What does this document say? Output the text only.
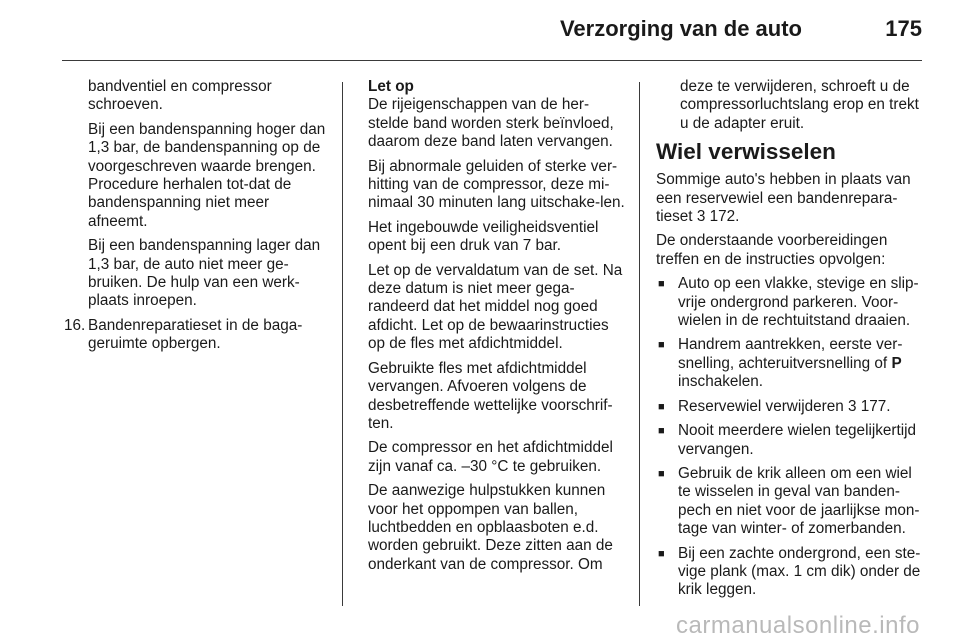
Verzorging van de auto	175

bandventiel en compressor schroeven.

Bij een bandenspanning hoger dan 1,3 bar, de bandenspanning op de voorgeschreven waarde brengen. Procedure herhalen tot-dat de bandenspanning niet meer afneemt.

Bij een bandenspanning lager dan 1,3 bar, de auto niet meer ge-bruiken. De hulp van een werk-plaats inroepen.

16. Bandenreparatieset in de baga-geruimte opbergen.

Let op
De rijeigenschappen van de her-stelde band worden sterk beïnvloed, daarom deze band laten vervangen.

Bij abnormale geluiden of sterke ver-hitting van de compressor, deze mi-nimaal 30 minuten lang uitschake-len.

Het ingebouwde veiligheidsventiel opent bij een druk van 7 bar.

Let op de vervaldatum van de set. Na deze datum is niet meer gega-randeerd dat het middel nog goed afdicht. Let op de bewaarinstructies op de fles met afdichtmiddel.

Gebruikte fles met afdichtmiddel vervangen. Afvoeren volgens de desbetreffende wettelijke voorschrif-ten.

De compressor en het afdichtmiddel zijn vanaf ca. –30 °C te gebruiken.

De aanwezige hulpstukken kunnen voor het oppompen van ballen, luchtbedden en opblaasboten e.d. worden gebruikt. Deze zitten aan de onderkant van de compressor. Om

deze te verwijderen, schroeft u de compressorluchtslang erop en trekt u de adapter eruit.

Wiel verwisselen

Sommige auto's hebben in plaats van een reservewiel een bandenrepara-tieset 3 172.

De onderstaande voorbereidingen treffen en de instructies opvolgen:

■ Auto op een vlakke, stevige en slip-vrije ondergrond parkeren. Voor-wielen in de rechtuitstand draaien.
■ Handrem aantrekken, eerste ver-snelling, achteruitversnelling of P inschakelen.
■ Reservewiel verwijderen 3 177.
■ Nooit meerdere wielen tegelijkertijd vervangen.
■ Gebruik de krik alleen om een wiel te wisselen in geval van banden-pech en niet voor de jaarlijkse mon-tage van winter- of zomerbanden.
■ Bij een zachte ondergrond, een ste-vige plank (max. 1 cm dik) onder de krik leggen.
carmanualsonline.info
